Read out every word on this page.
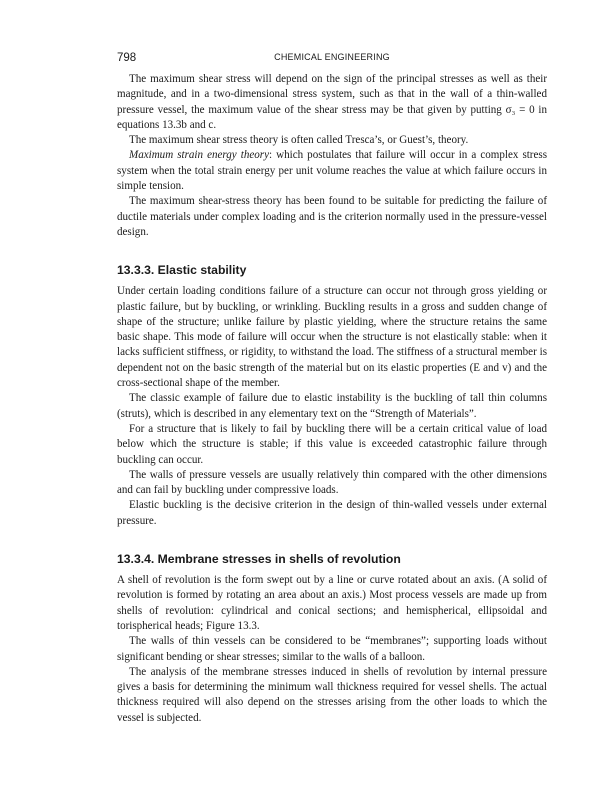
798	CHEMICAL ENGINEERING

The maximum shear stress will depend on the sign of the principal stresses as well as their magnitude, and in a two-dimensional stress system, such as that in the wall of a thin-walled pressure vessel, the maximum value of the shear stress may be that given by putting σ₃ = 0 in equations 13.3b and c.

The maximum shear stress theory is often called Tresca’s, or Guest’s, theory.

Maximum strain energy theory: which postulates that failure will occur in a complex stress system when the total strain energy per unit volume reaches the value at which failure occurs in simple tension.

The maximum shear-stress theory has been found to be suitable for predicting the failure of ductile materials under complex loading and is the criterion normally used in the pressure-vessel design.

13.3.3. Elastic stability

Under certain loading conditions failure of a structure can occur not through gross yielding or plastic failure, but by buckling, or wrinkling. Buckling results in a gross and sudden change of shape of the structure; unlike failure by plastic yielding, where the structure retains the same basic shape. This mode of failure will occur when the structure is not elastically stable: when it lacks sufficient stiffness, or rigidity, to withstand the load. The stiffness of a structural member is dependent not on the basic strength of the material but on its elastic properties (E and v) and the cross-sectional shape of the member.

The classic example of failure due to elastic instability is the buckling of tall thin columns (struts), which is described in any elementary text on the “Strength of Materials”.

For a structure that is likely to fail by buckling there will be a certain critical value of load below which the structure is stable; if this value is exceeded catastrophic failure through buckling can occur.

The walls of pressure vessels are usually relatively thin compared with the other dimensions and can fail by buckling under compressive loads.

Elastic buckling is the decisive criterion in the design of thin-walled vessels under external pressure.

13.3.4. Membrane stresses in shells of revolution

A shell of revolution is the form swept out by a line or curve rotated about an axis. (A solid of revolution is formed by rotating an area about an axis.) Most process vessels are made up from shells of revolution: cylindrical and conical sections; and hemispherical, ellipsoidal and torispherical heads; Figure 13.3.

The walls of thin vessels can be considered to be “membranes”; supporting loads without significant bending or shear stresses; similar to the walls of a balloon.

The analysis of the membrane stresses induced in shells of revolution by internal pressure gives a basis for determining the minimum wall thickness required for vessel shells. The actual thickness required will also depend on the stresses arising from the other loads to which the vessel is subjected.
